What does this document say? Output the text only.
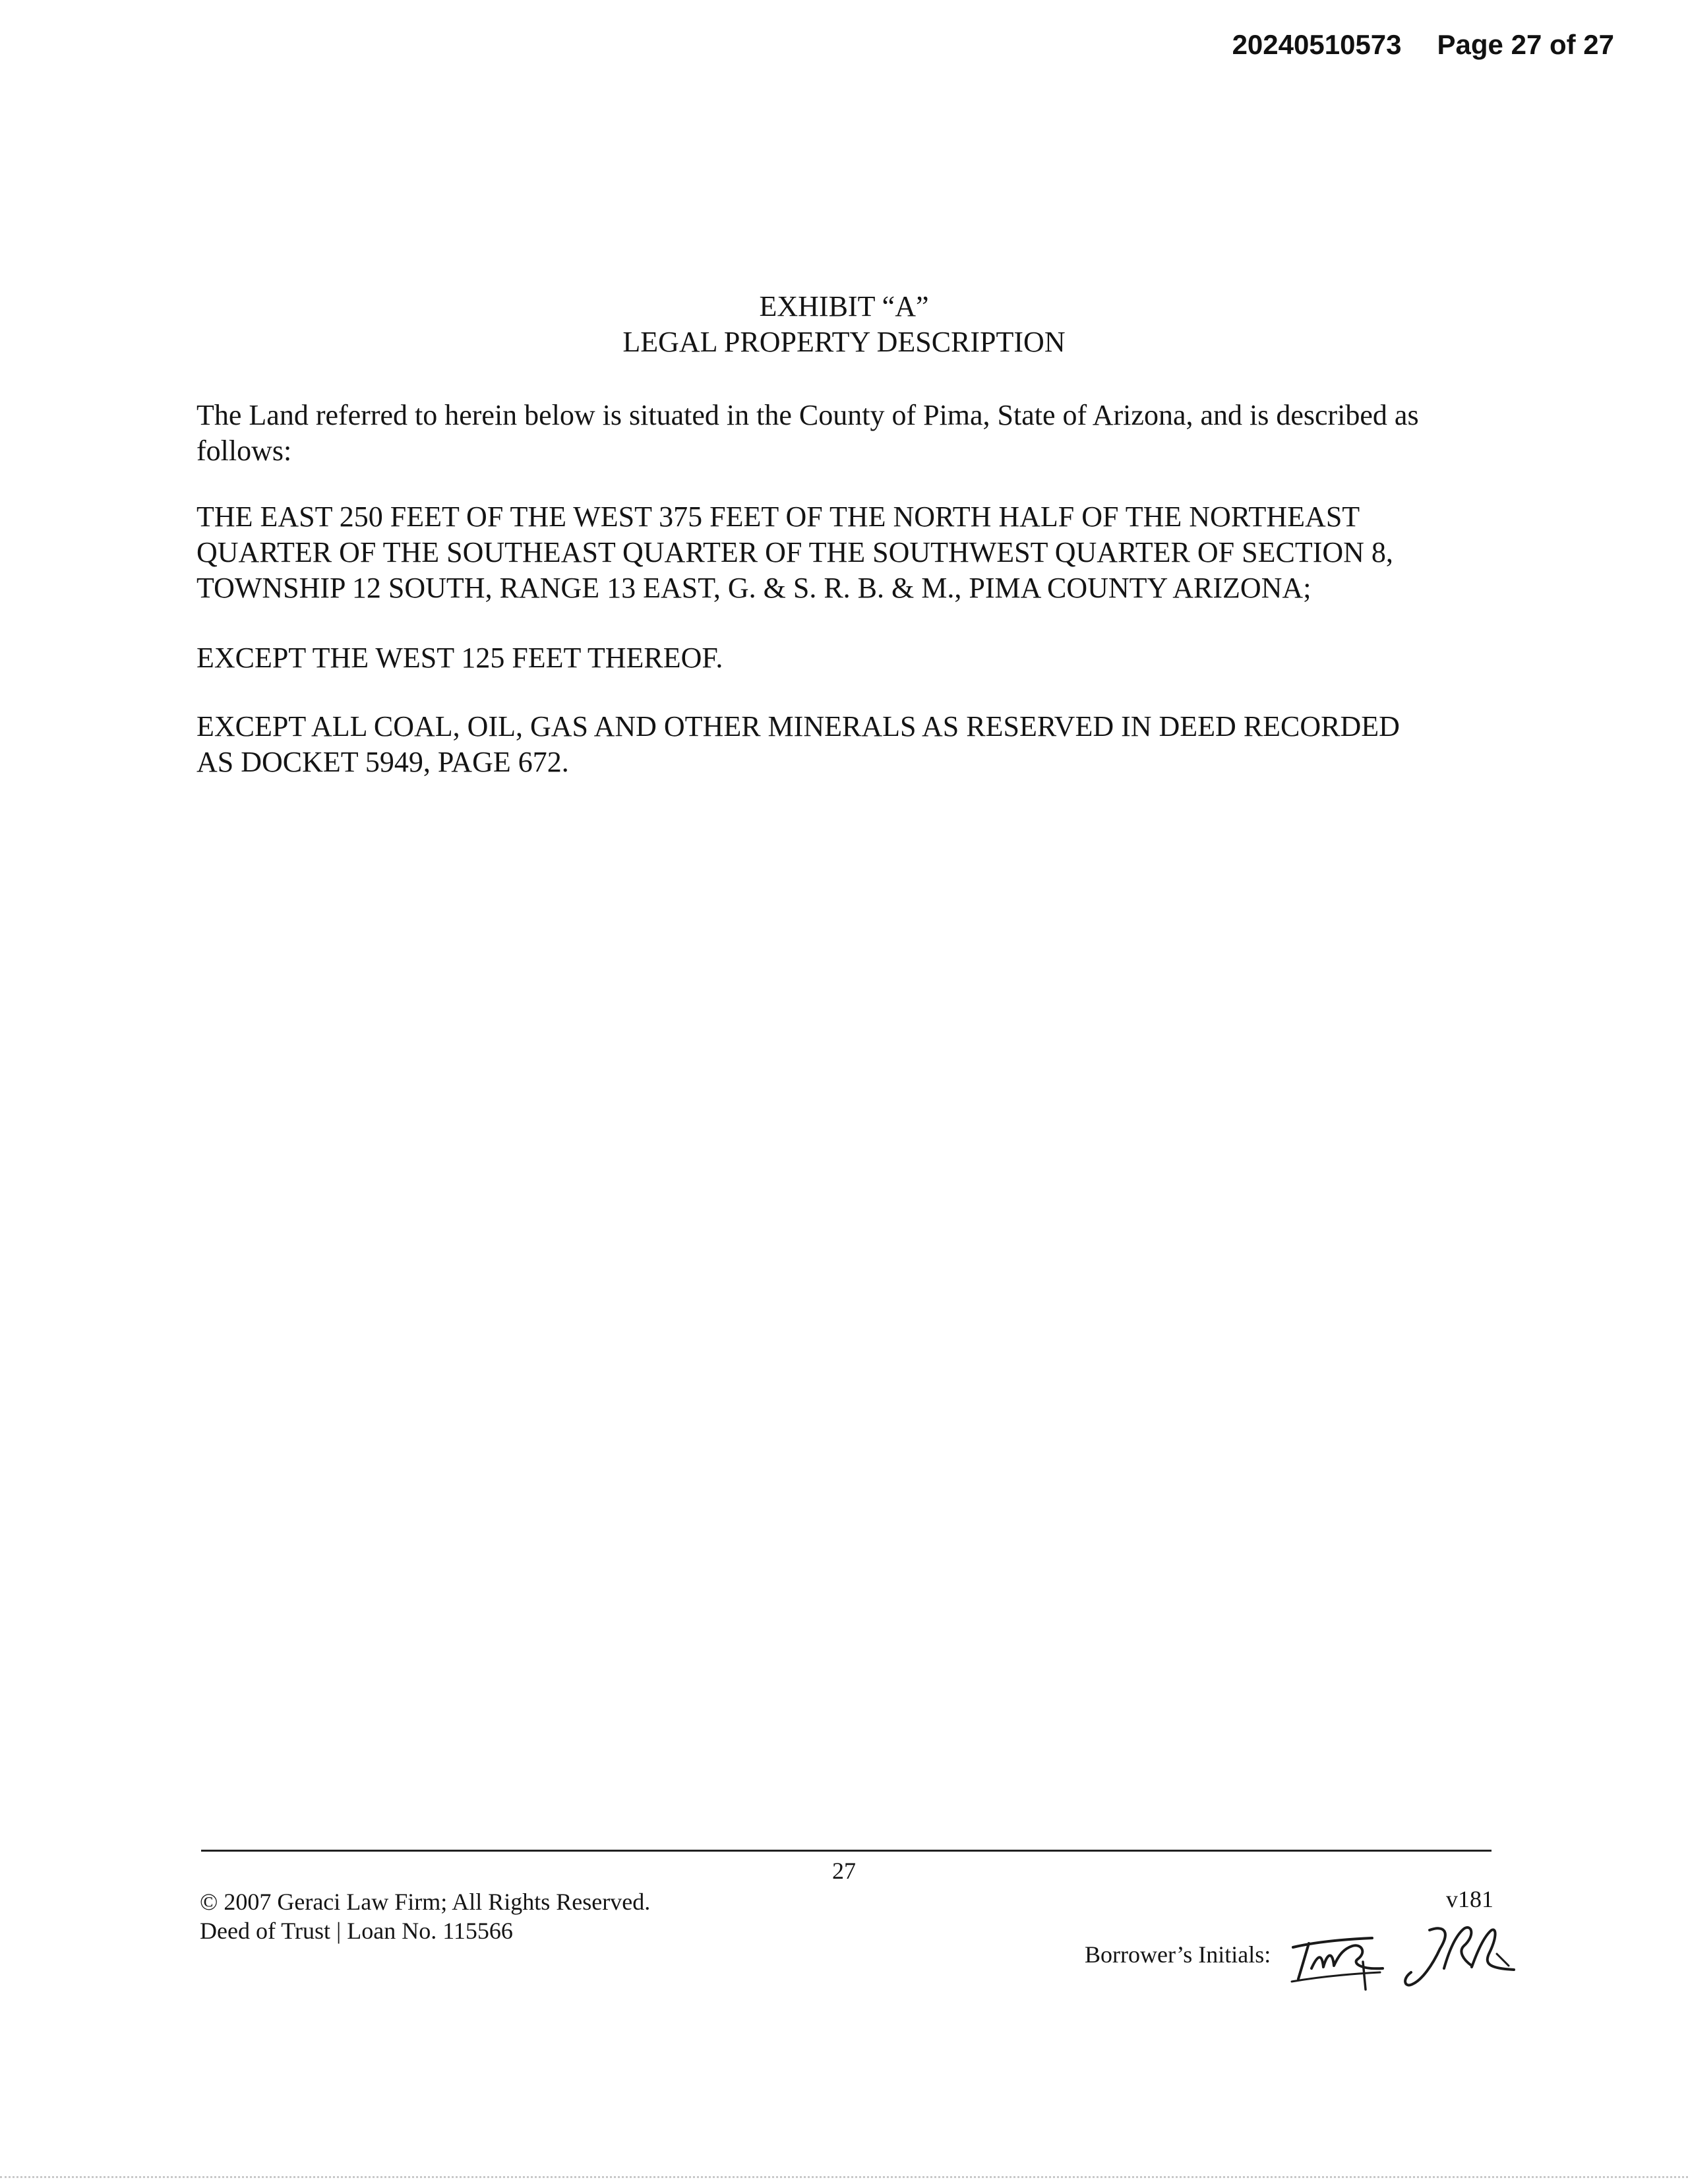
20240510573 Page 27 of 27
EXHIBIT “A”
LEGAL PROPERTY DESCRIPTION
The Land referred to herein below is situated in the County of Pima, State of Arizona, and is described as follows:
THE EAST 250 FEET OF THE WEST 375 FEET OF THE NORTH HALF OF THE NORTHEAST
QUARTER OF THE SOUTHEAST QUARTER OF THE SOUTHWEST QUARTER OF SECTION 8,
TOWNSHIP 12 SOUTH, RANGE 13 EAST, G. & S. R. B. & M., PIMA COUNTY ARIZONA;
EXCEPT THE WEST 125 FEET THEREOF.
EXCEPT ALL COAL, OIL, GAS AND OTHER MINERALS AS RESERVED IN DEED RECORDED
AS DOCKET 5949, PAGE 672.
27
© 2007 Geraci Law Firm; All Rights Reserved.
Deed of Trust | Loan No. 115566
v181
Borrower’s Initials:
